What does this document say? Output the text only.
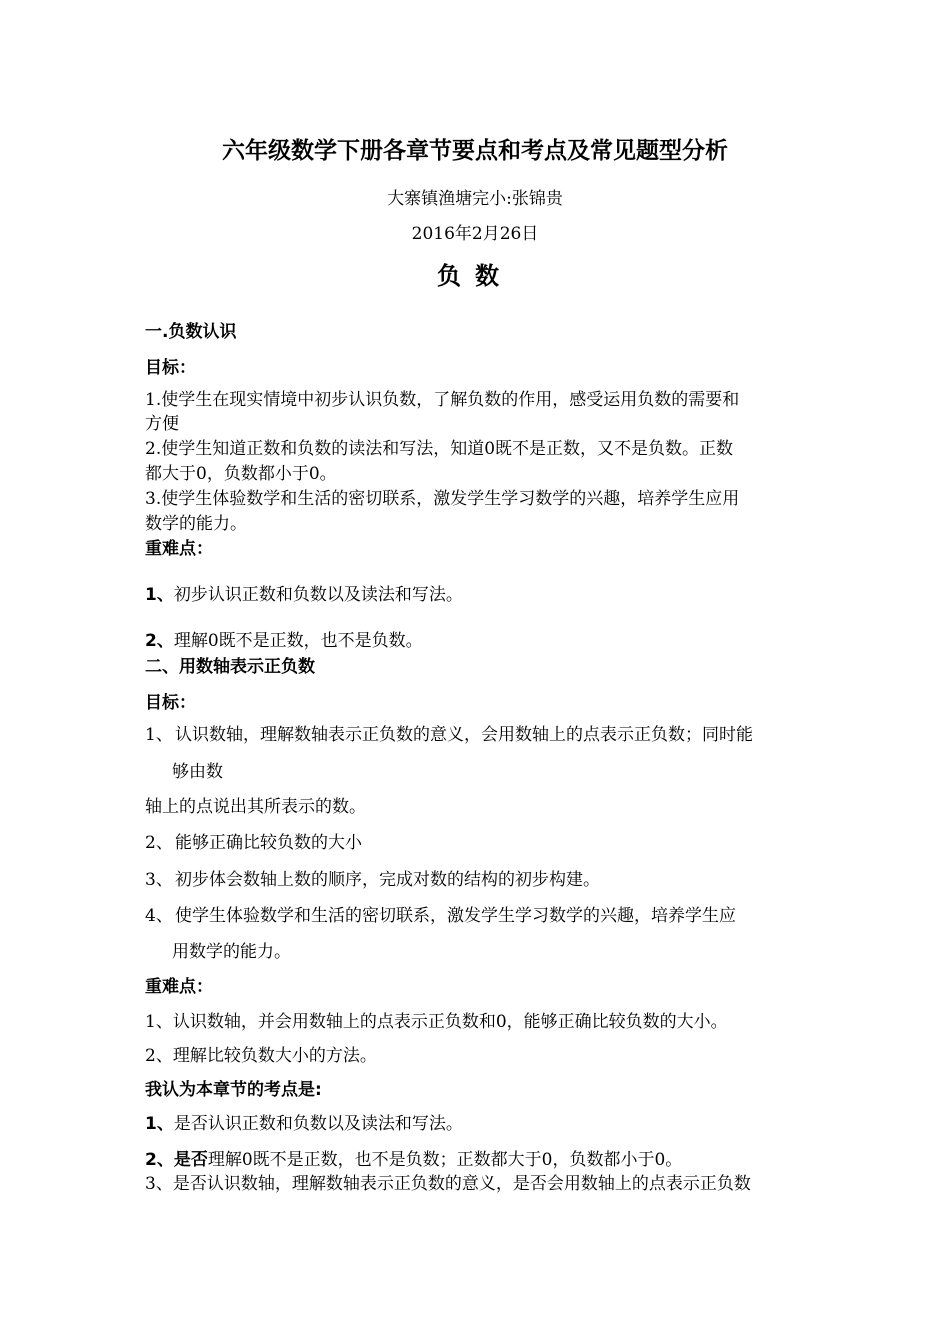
六年级数学下册各章节要点和考点及常见题型分析
大寨镇渔塘完小:张锦贵
2016年2月26日
负数
一.负数认识
目标：
1.使学生在现实情境中初步认识负数，了解负数的作用，感受运用负数的需要和
方便
2.使学生知道正数和负数的读法和写法，知道0既不是正数，又不是负数。正数
都大于0，负数都小于0。
3.使学生体验数学和生活的密切联系，激发学生学习数学的兴趣，培养学生应用
数学的能力。
重难点：
1、初步认识正数和负数以及读法和写法。
2、理解0既不是正数，也不是负数。
二、用数轴表示正负数
目标：
1、 认识数轴，理解数轴表示正负数的意义，会用数轴上的点表示正负数；同时能
够由数
轴上的点说出其所表示的数。
2、 能够正确比较负数的大小
3、 初步体会数轴上数的顺序，完成对数的结构的初步构建。
4、 使学生体验数学和生活的密切联系，激发学生学习数学的兴趣，培养学生应
用数学的能力。
重难点：
1、认识数轴，并会用数轴上的点表示正负数和0，能够正确比较负数的大小。
2、理解比较负数大小的方法。
我认为本章节的考点是:
1、是否认识正数和负数以及读法和写法。
2、是否理解0既不是正数，也不是负数；正数都大于0，负数都小于0。
3、是否认识数轴，理解数轴表示正负数的意义，是否会用数轴上的点表示正负数
